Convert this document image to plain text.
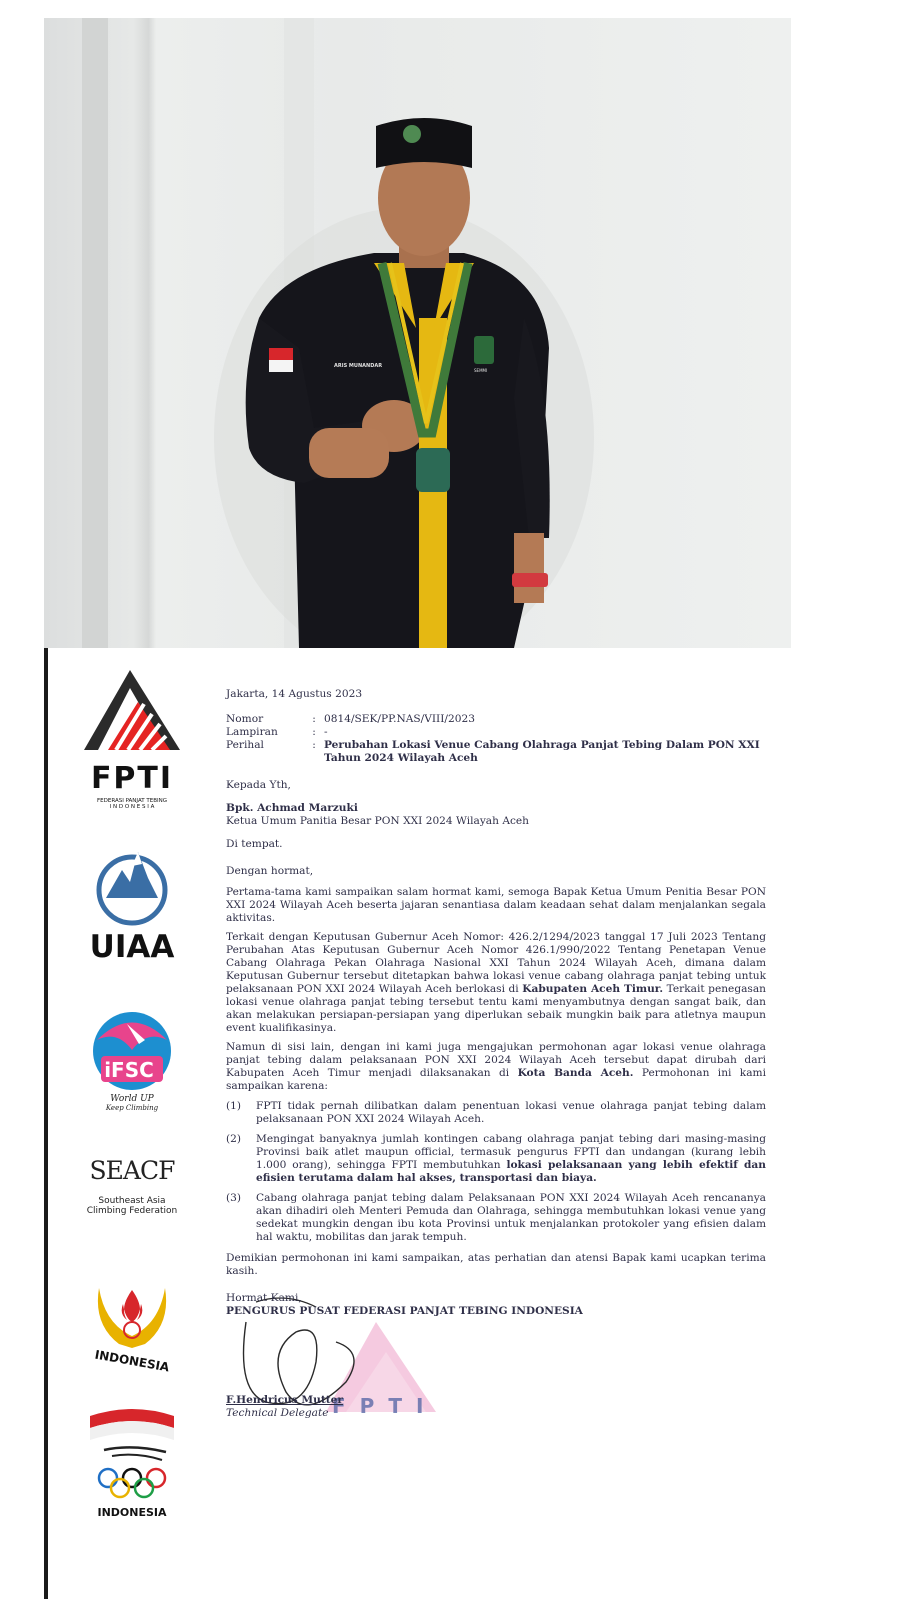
ARIS MUNANDAR
SEMMI
FPTI
FEDERASI PANJAT TEBING
I N D O N E S I A
UIAA
iFSC
World UP
Keep Climbing
SEACF
Southeast Asia
Climbing Federation
INDONESIA
INDONESIA
Jakarta, 14 Agustus 2023
Nomor	: 0814/SEK/PP.NAS/VIII/2023
Lampiran	: -
Perihal	: Perubahan Lokasi Venue Cabang Olahraga Panjat Tebing Dalam PON XXI Tahun 2024 Wilayah Aceh
Kepada Yth,
Bpk. Achmad Marzuki
Ketua Umum Panitia Besar PON XXI 2024 Wilayah Aceh
Di tempat.
Dengan hormat,

Pertama-tama kami sampaikan salam hormat kami, semoga Bapak Ketua Umum Penitia Besar PON XXI 2024 Wilayah Aceh beserta jajaran senantiasa dalam keadaan sehat dalam menjalankan segala aktivitas.

Terkait dengan Keputusan Gubernur Aceh Nomor: 426.2/1294/2023 tanggal 17 Juli 2023 Tentang Perubahan Atas Keputusan Gubernur Aceh Nomor 426.1/990/2022 Tentang Penetapan Venue Cabang Olahraga Pekan Olahraga Nasional XXI Tahun 2024 Wilayah Aceh, dimana dalam Keputusan Gubernur tersebut ditetapkan bahwa lokasi venue cabang olahraga panjat tebing untuk pelaksanaan PON XXI 2024 Wilayah Aceh berlokasi di Kabupaten Aceh Timur. Terkait penegasan lokasi venue olahraga panjat tebing tersebut tentu kami menyambutnya dengan sangat baik, dan akan melakukan persiapan-persiapan yang diperlukan sebaik mungkin baik para atletnya maupun event kualifikasinya.

Namun di sisi lain, dengan ini kami juga mengajukan permohonan agar lokasi venue olahraga panjat tebing dalam pelaksanaan PON XXI 2024 Wilayah Aceh tersebut dapat dirubah dari Kabupaten Aceh Timur menjadi dilaksanakan di Kota Banda Aceh. Permohonan ini kami sampaikan karena:

(1)	FPTI tidak pernah dilibatkan dalam penentuan lokasi venue olahraga panjat tebing dalam pelaksanaan PON XXI 2024 Wilayah Aceh.
(2)	Mengingat banyaknya jumlah kontingen cabang olahraga panjat tebing dari masing-masing Provinsi baik atlet maupun official, termasuk pengurus FPTI dan undangan (kurang lebih 1.000 orang), sehingga FPTI membutuhkan lokasi pelaksanaan yang lebih efektif dan efisien terutama dalam hal akses, transportasi dan biaya.
(3)	Cabang olahraga panjat tebing dalam Pelaksanaan PON XXI 2024 Wilayah Aceh rencananya akan dihadiri oleh Menteri Pemuda dan Olahraga, sehingga membutuhkan lokasi venue yang sedekat mungkin dengan ibu kota Provinsi untuk menjalankan protokoler yang efisien dalam hal waktu, mobilitas dan jarak tempuh.

Demikian permohonan ini kami sampaikan, atas perhatian dan atensi Bapak kami ucapkan terima kasih.

FPTI
Hormat Kami,
PENGURUS PUSAT FEDERASI PANJAT TEBING INDONESIA
F.Hendricus Mutter
Technical Delegate
